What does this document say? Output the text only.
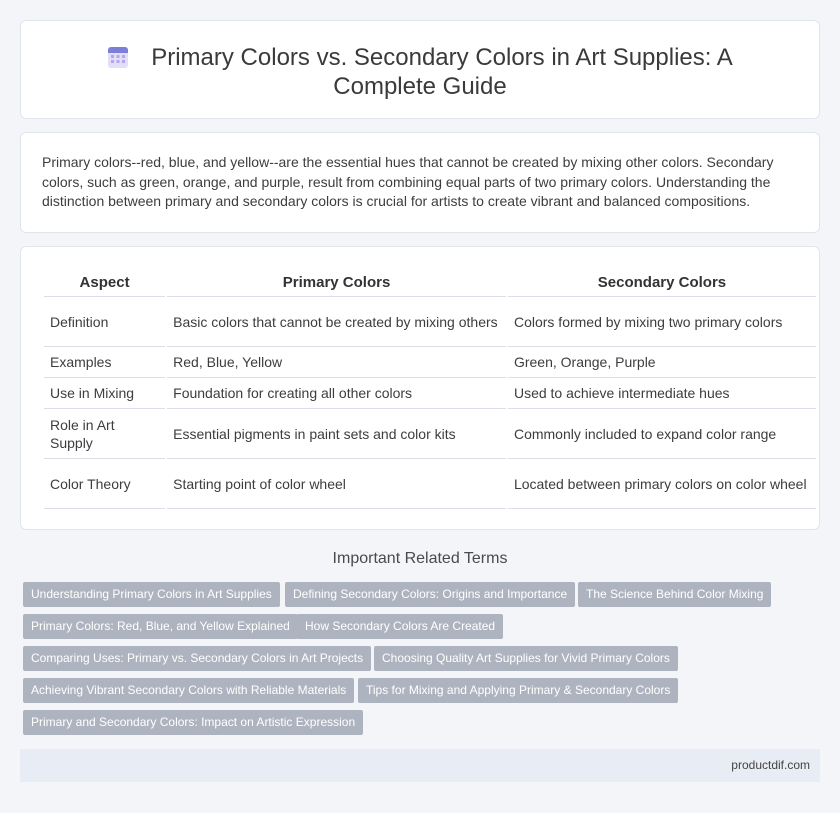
Primary Colors vs. Secondary Colors in Art Supplies: A Complete Guide

Primary colors--red, blue, and yellow--are the essential hues that cannot be created by mixing other colors. Secondary colors, such as green, orange, and purple, result from combining equal parts of two primary colors. Understanding the distinction between primary and secondary colors is crucial for artists to create vibrant and balanced compositions.

Aspect	Primary Colors	Secondary Colors
Definition	Basic colors that cannot be created by mixing others	Colors formed by mixing two primary colors
Examples	Red, Blue, Yellow	Green, Orange, Purple
Use in Mixing	Foundation for creating all other colors	Used to achieve intermediate hues
Role in Art Supply	Essential pigments in paint sets and color kits	Commonly included to expand color range
Color Theory	Starting point of color wheel	Located between primary colors on color wheel
Important Related Terms
Understanding Primary Colors in Art Supplies	Defining Secondary Colors: Origins and Importance	The Science Behind Color Mixing
Primary Colors: Red, Blue, and Yellow Explained	How Secondary Colors Are Created
Comparing Uses: Primary vs. Secondary Colors in Art Projects	Choosing Quality Art Supplies for Vivid Primary Colors
Achieving Vibrant Secondary Colors with Reliable Materials	Tips for Mixing and Applying Primary & Secondary Colors
Primary and Secondary Colors: Impact on Artistic Expression
productdif.com
